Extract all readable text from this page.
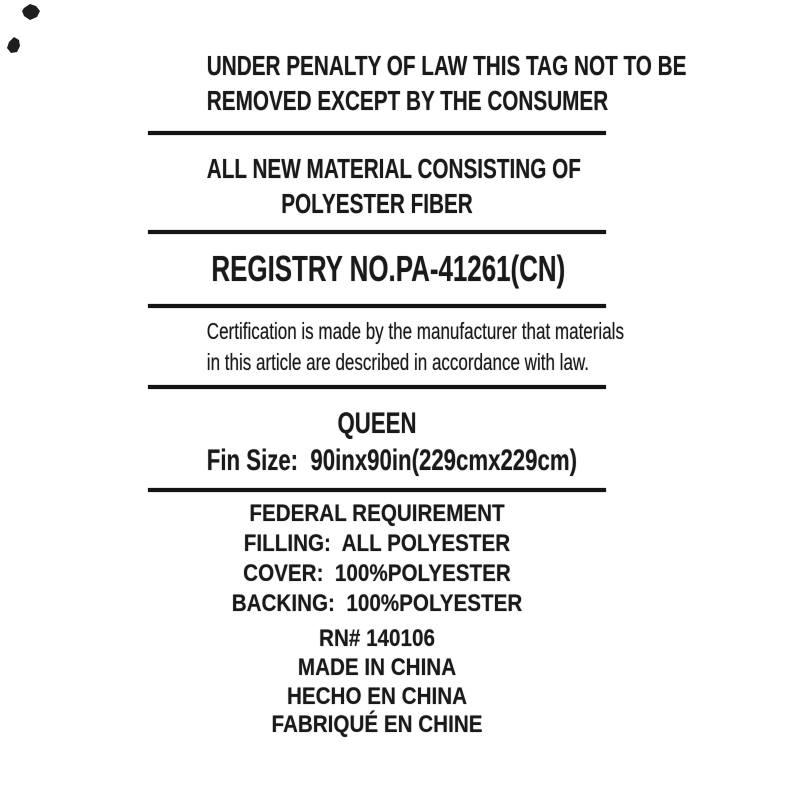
UNDER PENALTY OF LAW THIS TAG NOT TO BE
REMOVED EXCEPT BY THE CONSUMER
ALL NEW MATERIAL CONSISTING OF
POLYESTER FIBER
REGISTRY NO.PA-41261(CN)
Certification is made by the manufacturer that materials
in this article are described in accordance with law.
QUEEN
Fin Size:  90inx90in(229cmx229cm)
FEDERAL REQUIREMENT
FILLING:  ALL POLYESTER
COVER:  100%POLYESTER
BACKING:  100%POLYESTER
RN# 140106
MADE IN CHINA
HECHO EN CHINA
FABRIQUÉ EN CHINE
